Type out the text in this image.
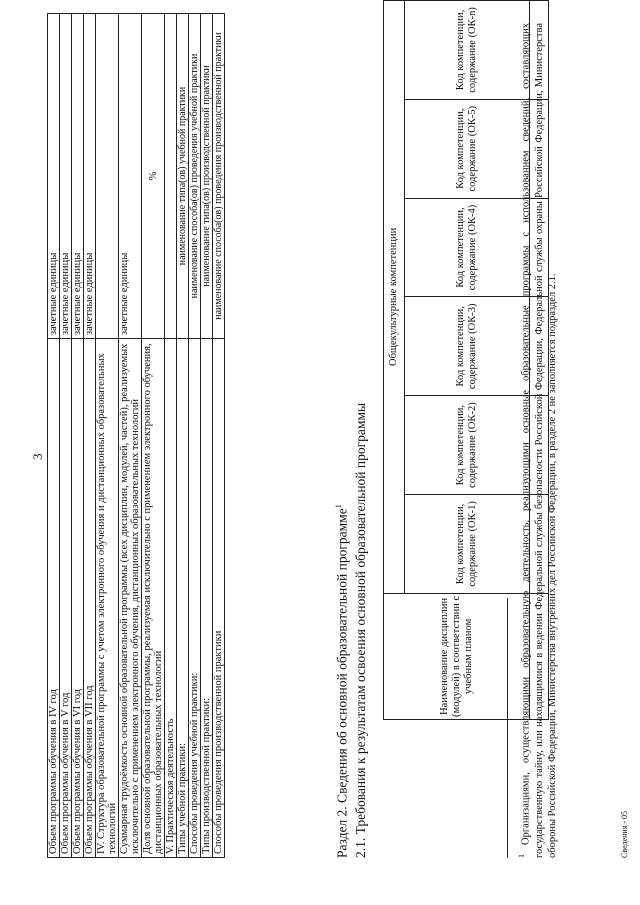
3
Объем программы обучения в IV год	зачетные единицы
Объем программы обучения в V год	зачетные единицы
Объем программы обучения в VI год	зачетные единицы
Объем программы обучения в VII год	зачетные единицы
IV. Структура образовательной программы с учетом электронного обучения и дистанционных образовательных технологий	
Суммарная трудоёмкость основной образовательной программы (всех дисциплин, модулей, частей), реализуемых исключительно с применением электронного обучения, дистанционных образовательных технологий	зачетные единицы
Доля основной образовательной программы, реализуемая исключительно с применением электронного обучения, дистанционных образовательных технологий	%
V. Практическая деятельность	
Типы учебной практики:	наименование типа(ов) учебной практики
Способы проведения учебной практики:	наименование способа(ов) проведения учебной практики
Типы производственной практики:	наименование типа(ов) производственной практики
Способы проведения производственной практики	наименование способа(ов) проведения производственной практики
Раздел 2. Сведения об основной образовательной программе$^1$ 2.1. Требования к результатам освоения основной образовательной программы	Наименование дисциплин (модулей) в соответствии с учебным планом	Общекультурные компетенции					
	Код компетенции, содержание (ОК-1)	Код компетенции, содержание (ОК-2)	Код компетенции, содержание (ОК-3)	Код компетенции, содержание (ОК-4)	Код компетенции, содержание (ОК-5)	Код компетенции, содержание (ОК-n)

$^1$ Организациями, осуществляющими образовательную деятельность, реализующими основные образовательные программы с использованием сведений, составляющих государственную тайну, или находящимися в ведении Федеральной службы безопасности Российской Федерации, Федеральной службы охраны Российской Федерации, Министерства обороны Российской Федерации, Министерства внутренних дел Российской Федерации, в разделе 2 не заполняется подраздел 2.1.	Сведения - 05
